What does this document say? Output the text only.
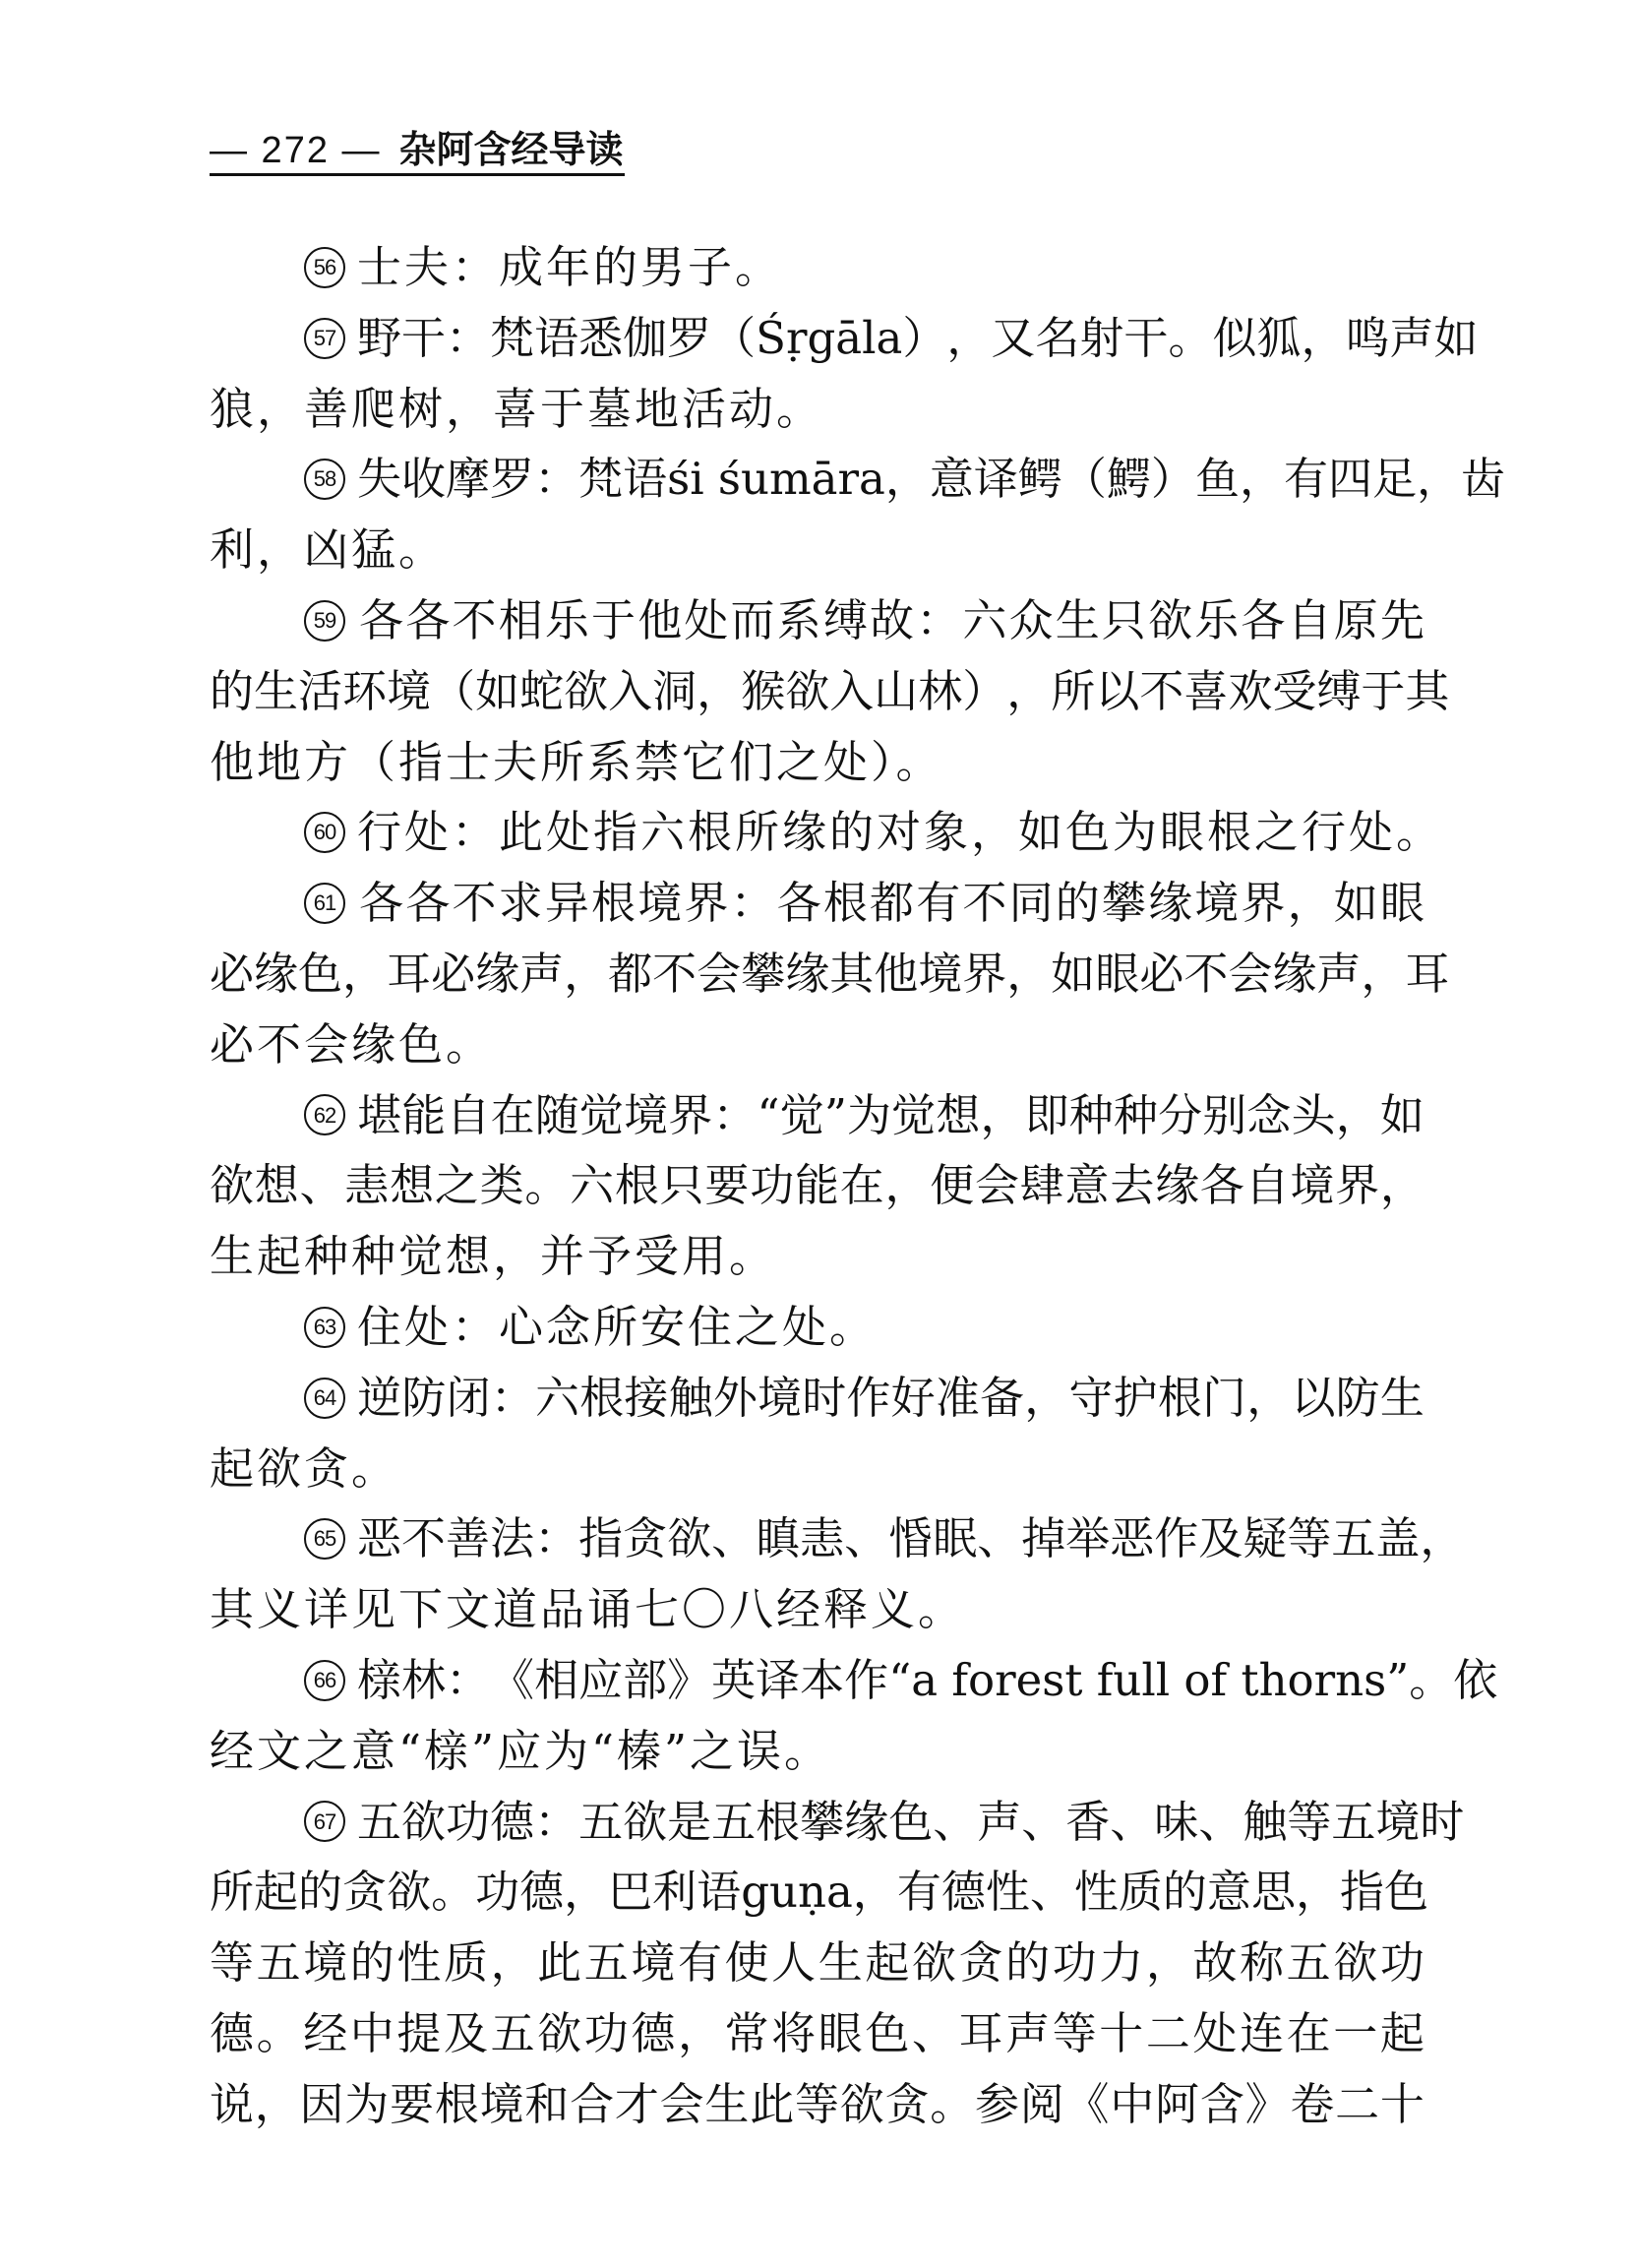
— 272 — 杂阿含经导读
56 士夫：成年的男子。
57 野 干 ： 梵 语 悉 伽 罗 （ Śṛgāla ） ， 又 名 射 干 。 似 狐 ， 鸣 声 如
狼，善爬树，喜于墓地活动。
58 失 收 摩 罗 ： 梵 语 śi śumāra ， 意 译 鳄 （ 鰐 ） 鱼 ， 有 四 足 ， 齿
利，凶猛。
59 各 各 不 相 乐 于 他 处 而 系 缚 故 ： 六 众 生 只 欲 乐 各 自 原 先
的 生 活 环 境 （ 如 蛇 欲 入 洞 ， 猴 欲 入 山 林 ） ， 所 以 不 喜 欢 受 缚 于 其
他地方（指士夫所系禁它们之处）。
60 行处：此处指六根所缘的对象，如色为眼根之行处。
61 各 各 不 求 异 根 境 界 ： 各 根 都 有 不 同 的 攀 缘 境 界 ， 如 眼
必 缘 色 ， 耳 必 缘 声 ， 都 不 会 攀 缘 其 他 境 界 ， 如 眼 必 不 会 缘 声 ， 耳
必不会缘色。
62 堪 能 自 在 随 觉 境 界 ： “ 觉 ” 为 觉 想 ， 即 种 种 分 别 念 头 ， 如
欲 想 、 恚 想 之 类 。 六 根 只 要 功 能 在 ， 便 会 肆 意 去 缘 各 自 境 界 ，
生起种种觉想，并予受用。
63 住处：心念所安住之处。
64 逆 防 闭 ： 六 根 接 触 外 境 时 作 好 准 备 ， 守 护 根 门 ， 以 防 生
起欲贪。
65 恶 不 善 法 ： 指 贪 欲 、 瞋 恚 、 惛 眠 、 掉 举 恶 作 及 疑 等 五 盖 ，
其义详见下文道品诵七〇八经释义。
66 榇 林 ： 《 相 应 部 》 英 译 本 作 “ a forest full of thorns ” 。 依
经文之意“榇”应为“榛”之误。
67 五 欲 功 德 ： 五 欲 是 五 根 攀 缘 色 、 声 、 香 、 味 、 触 等 五 境 时
所 起 的 贪 欲 。 功 德 ， 巴 利 语 guṇa ， 有 德 性 、 性 质 的 意 思 ， 指 色
等 五 境 的 性 质 ， 此 五 境 有 使 人 生 起 欲 贪 的 功 力 ， 故 称 五 欲 功
德 。 经 中 提 及 五 欲 功 德 ， 常 将 眼 色 、 耳 声 等 十 二 处 连 在 一 起
说 ， 因 为 要 根 境 和 合 才 会 生 此 等 欲 贪 。 参 阅 《 中 阿 含 》 卷 二 十
